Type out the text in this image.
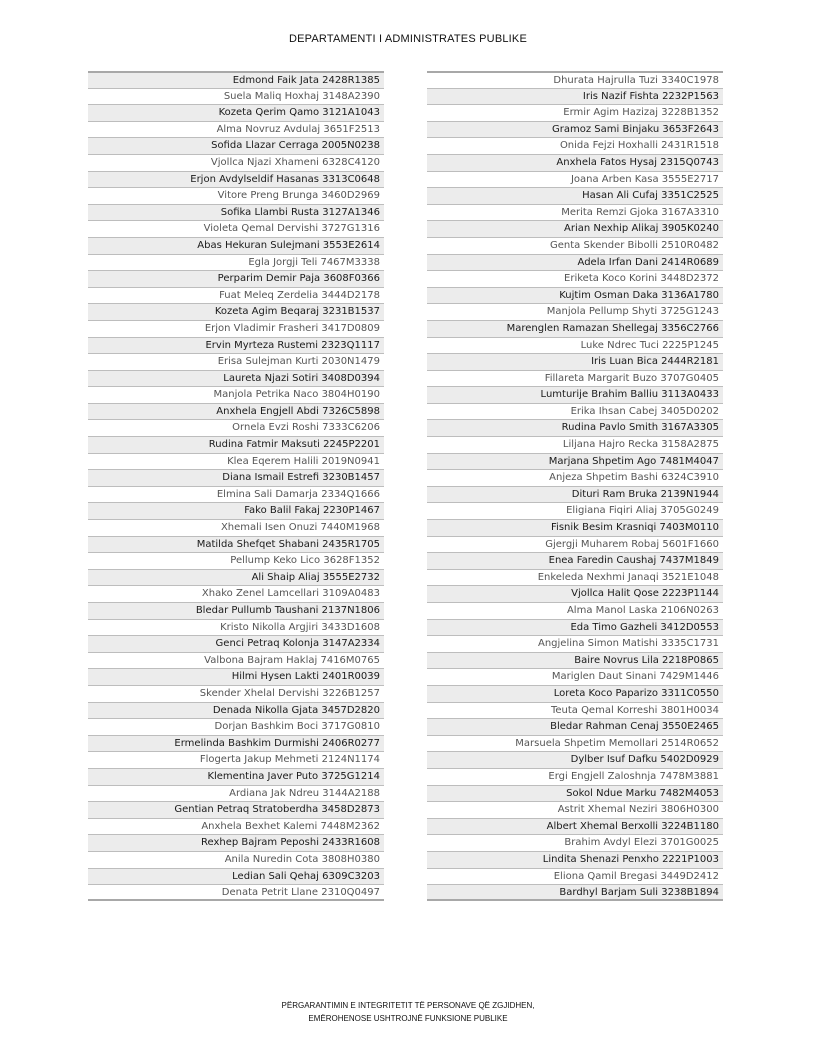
DEPARTAMENTI I ADMINISTRATES PUBLIKE
Edmond Faik Jata 2428R1385
Suela Maliq Hoxhaj 3148A2390
Kozeta Qerim Qamo 3121A1043
Alma Novruz Avdulaj 3651F2513
Sofida Llazar Cerraga 2005N0238
Vjollca Njazi Xhameni 6328C4120
Erjon Avdylseldif Hasanas 3313C0648
Vitore Preng Brunga 3460D2969
Sofika Llambi Rusta 3127A1346
Violeta Qemal Dervishi 3727G1316
Abas Hekuran Sulejmani 3553E2614
Egla Jorgji Teli 7467M3338
Perparim Demir Paja 3608F0366
Fuat Meleq Zerdelia 3444D2178
Kozeta Agim Beqaraj 3231B1537
Erjon Vladimir Frasheri 3417D0809
Ervin Myrteza Rustemi 2323Q1117
Erisa Sulejman Kurti 2030N1479
Laureta Njazi Sotiri 3408D0394
Manjola Petrika Naco 3804H0190
Anxhela Engjell Abdi 7326C5898
Ornela Evzi Roshi 7333C6206
Rudina Fatmir Maksuti 2245P2201
Klea Eqerem Halili 2019N0941
Diana Ismail Estrefi 3230B1457
Elmina Sali Damarja 2334Q1666
Fako Balil Fakaj 2230P1467
Xhemali Isen Onuzi 7440M1968
Matilda Shefqet Shabani 2435R1705
Pellump Keko Lico 3628F1352
Ali Shaip Aliaj 3555E2732
Xhako Zenel Lamcellari 3109A0483
Bledar Pullumb Taushani 2137N1806
Kristo Nikolla Argjiri 3433D1608
Genci Petraq Kolonja 3147A2334
Valbona Bajram Haklaj 7416M0765
Hilmi Hysen Lakti 2401R0039
Skender Xhelal Dervishi 3226B1257
Denada Nikolla Gjata 3457D2820
Dorjan Bashkim Boci 3717G0810
Ermelinda Bashkim Durmishi 2406R0277
Flogerta Jakup Mehmeti 2124N1174
Klementina Javer Puto 3725G1214
Ardiana Jak Ndreu 3144A2188
Gentian Petraq Stratoberdha 3458D2873
Anxhela Bexhet Kalemi 7448M2362
Rexhep Bajram Peposhi 2433R1608
Anila Nuredin Cota 3808H0380
Ledian Sali Qehaj 6309C3203
Denata Petrit Llane 2310Q0497
Dhurata Hajrulla Tuzi 3340C1978
Iris Nazif Fishta 2232P1563
Ermir Agim Hazizaj 3228B1352
Gramoz Sami Binjaku 3653F2643
Onida Fejzi Hoxhalli 2431R1518
Anxhela Fatos Hysaj 2315Q0743
Joana Arben Kasa 3555E2717
Hasan Ali Cufaj 3351C2525
Merita Remzi Gjoka 3167A3310
Arian Nexhip Alikaj 3905K0240
Genta Skender Bibolli 2510R0482
Adela Irfan Dani 2414R0689
Eriketa Koco Korini 3448D2372
Kujtim Osman Daka 3136A1780
Manjola Pellump Shyti 3725G1243
Marenglen Ramazan Shellegaj 3356C2766
Luke Ndrec Tuci 2225P1245
Iris Luan Bica 2444R2181
Fillareta Margarit Buzo 3707G0405
Lumturije Brahim Balliu 3113A0433
Erika Ihsan Cabej 3405D0202
Rudina Pavlo Smith 3167A3305
Liljana Hajro Recka 3158A2875
Marjana Shpetim Ago 7481M4047
Anjeza Shpetim Bashi 6324C3910
Dituri Ram Bruka 2139N1944
Eligiana Fiqiri Aliaj 3705G0249
Fisnik Besim Krasniqi 7403M0110
Gjergji Muharem Robaj 5601F1660
Enea Faredin Caushaj 7437M1849
Enkeleda Nexhmi Janaqi 3521E1048
Vjollca Halit Qose 2223P1144
Alma Manol Laska 2106N0263
Eda Timo Gazheli 3412D0553
Angjelina Simon Matishi 3335C1731
Baire Novrus Lila 2218P0865
Mariglen Daut Sinani 7429M1446
Loreta Koco Paparizo 3311C0550
Teuta Qemal Korreshi 3801H0034
Bledar Rahman Cenaj 3550E2465
Marsuela Shpetim Memollari 2514R0652
Dylber Isuf Dafku 5402D0929
Ergi Engjell Zaloshnja 7478M3881
Sokol Ndue Marku 7482M4053
Astrit Xhemal Neziri 3806H0300
Albert Xhemal Berxolli 3224B1180
Brahim Avdyl Elezi 3701G0025
Lindita Shenazi Penxho 2221P1003
Eliona Qamil Bregasi 3449D2412
Bardhyl Barjam Suli 3238B1894
PËRGARANTIMIN E INTEGRITETIT TË PERSONAVE QË ZGJIDHEN,
EMËROHENOSE USHTROJNË FUNKSIONE PUBLIKE
